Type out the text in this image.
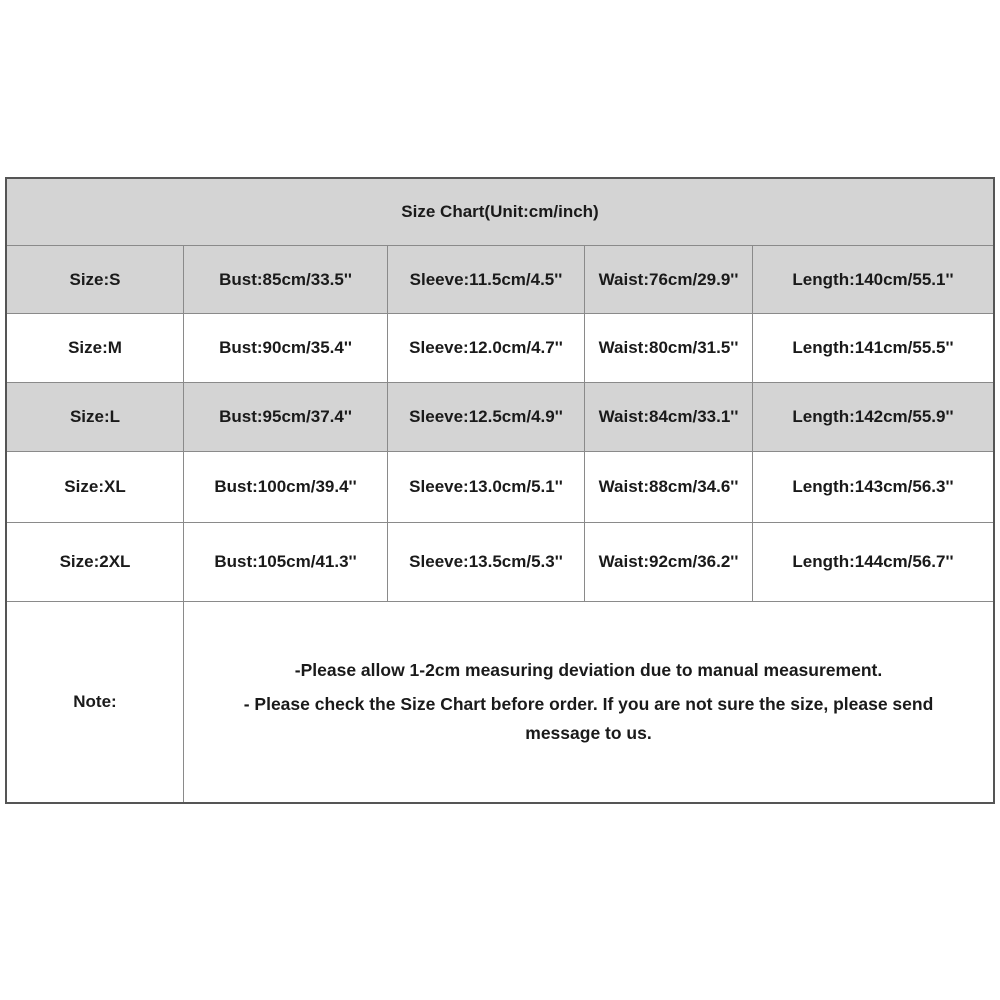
Size Chart(Unit:cm/inch)
Size:S	Bust:85cm/33.5''	Sleeve:11.5cm/4.5''	Waist:76cm/29.9''	Length:140cm/55.1''
Size:M	Bust:90cm/35.4''	Sleeve:12.0cm/4.7''	Waist:80cm/31.5''	Length:141cm/55.5''
Size:L	Bust:95cm/37.4''	Sleeve:12.5cm/4.9''	Waist:84cm/33.1''	Length:142cm/55.9''
Size:XL	Bust:100cm/39.4''	Sleeve:13.0cm/5.1''	Waist:88cm/34.6''	Length:143cm/56.3''
Size:2XL	Bust:105cm/41.3''	Sleeve:13.5cm/5.3''	Waist:92cm/36.2''	Length:144cm/56.7''
Note:
-Please allow 1-2cm measuring deviation due to manual measurement.
- Please check the Size Chart before order. If you are not sure the size, please send message to us.
